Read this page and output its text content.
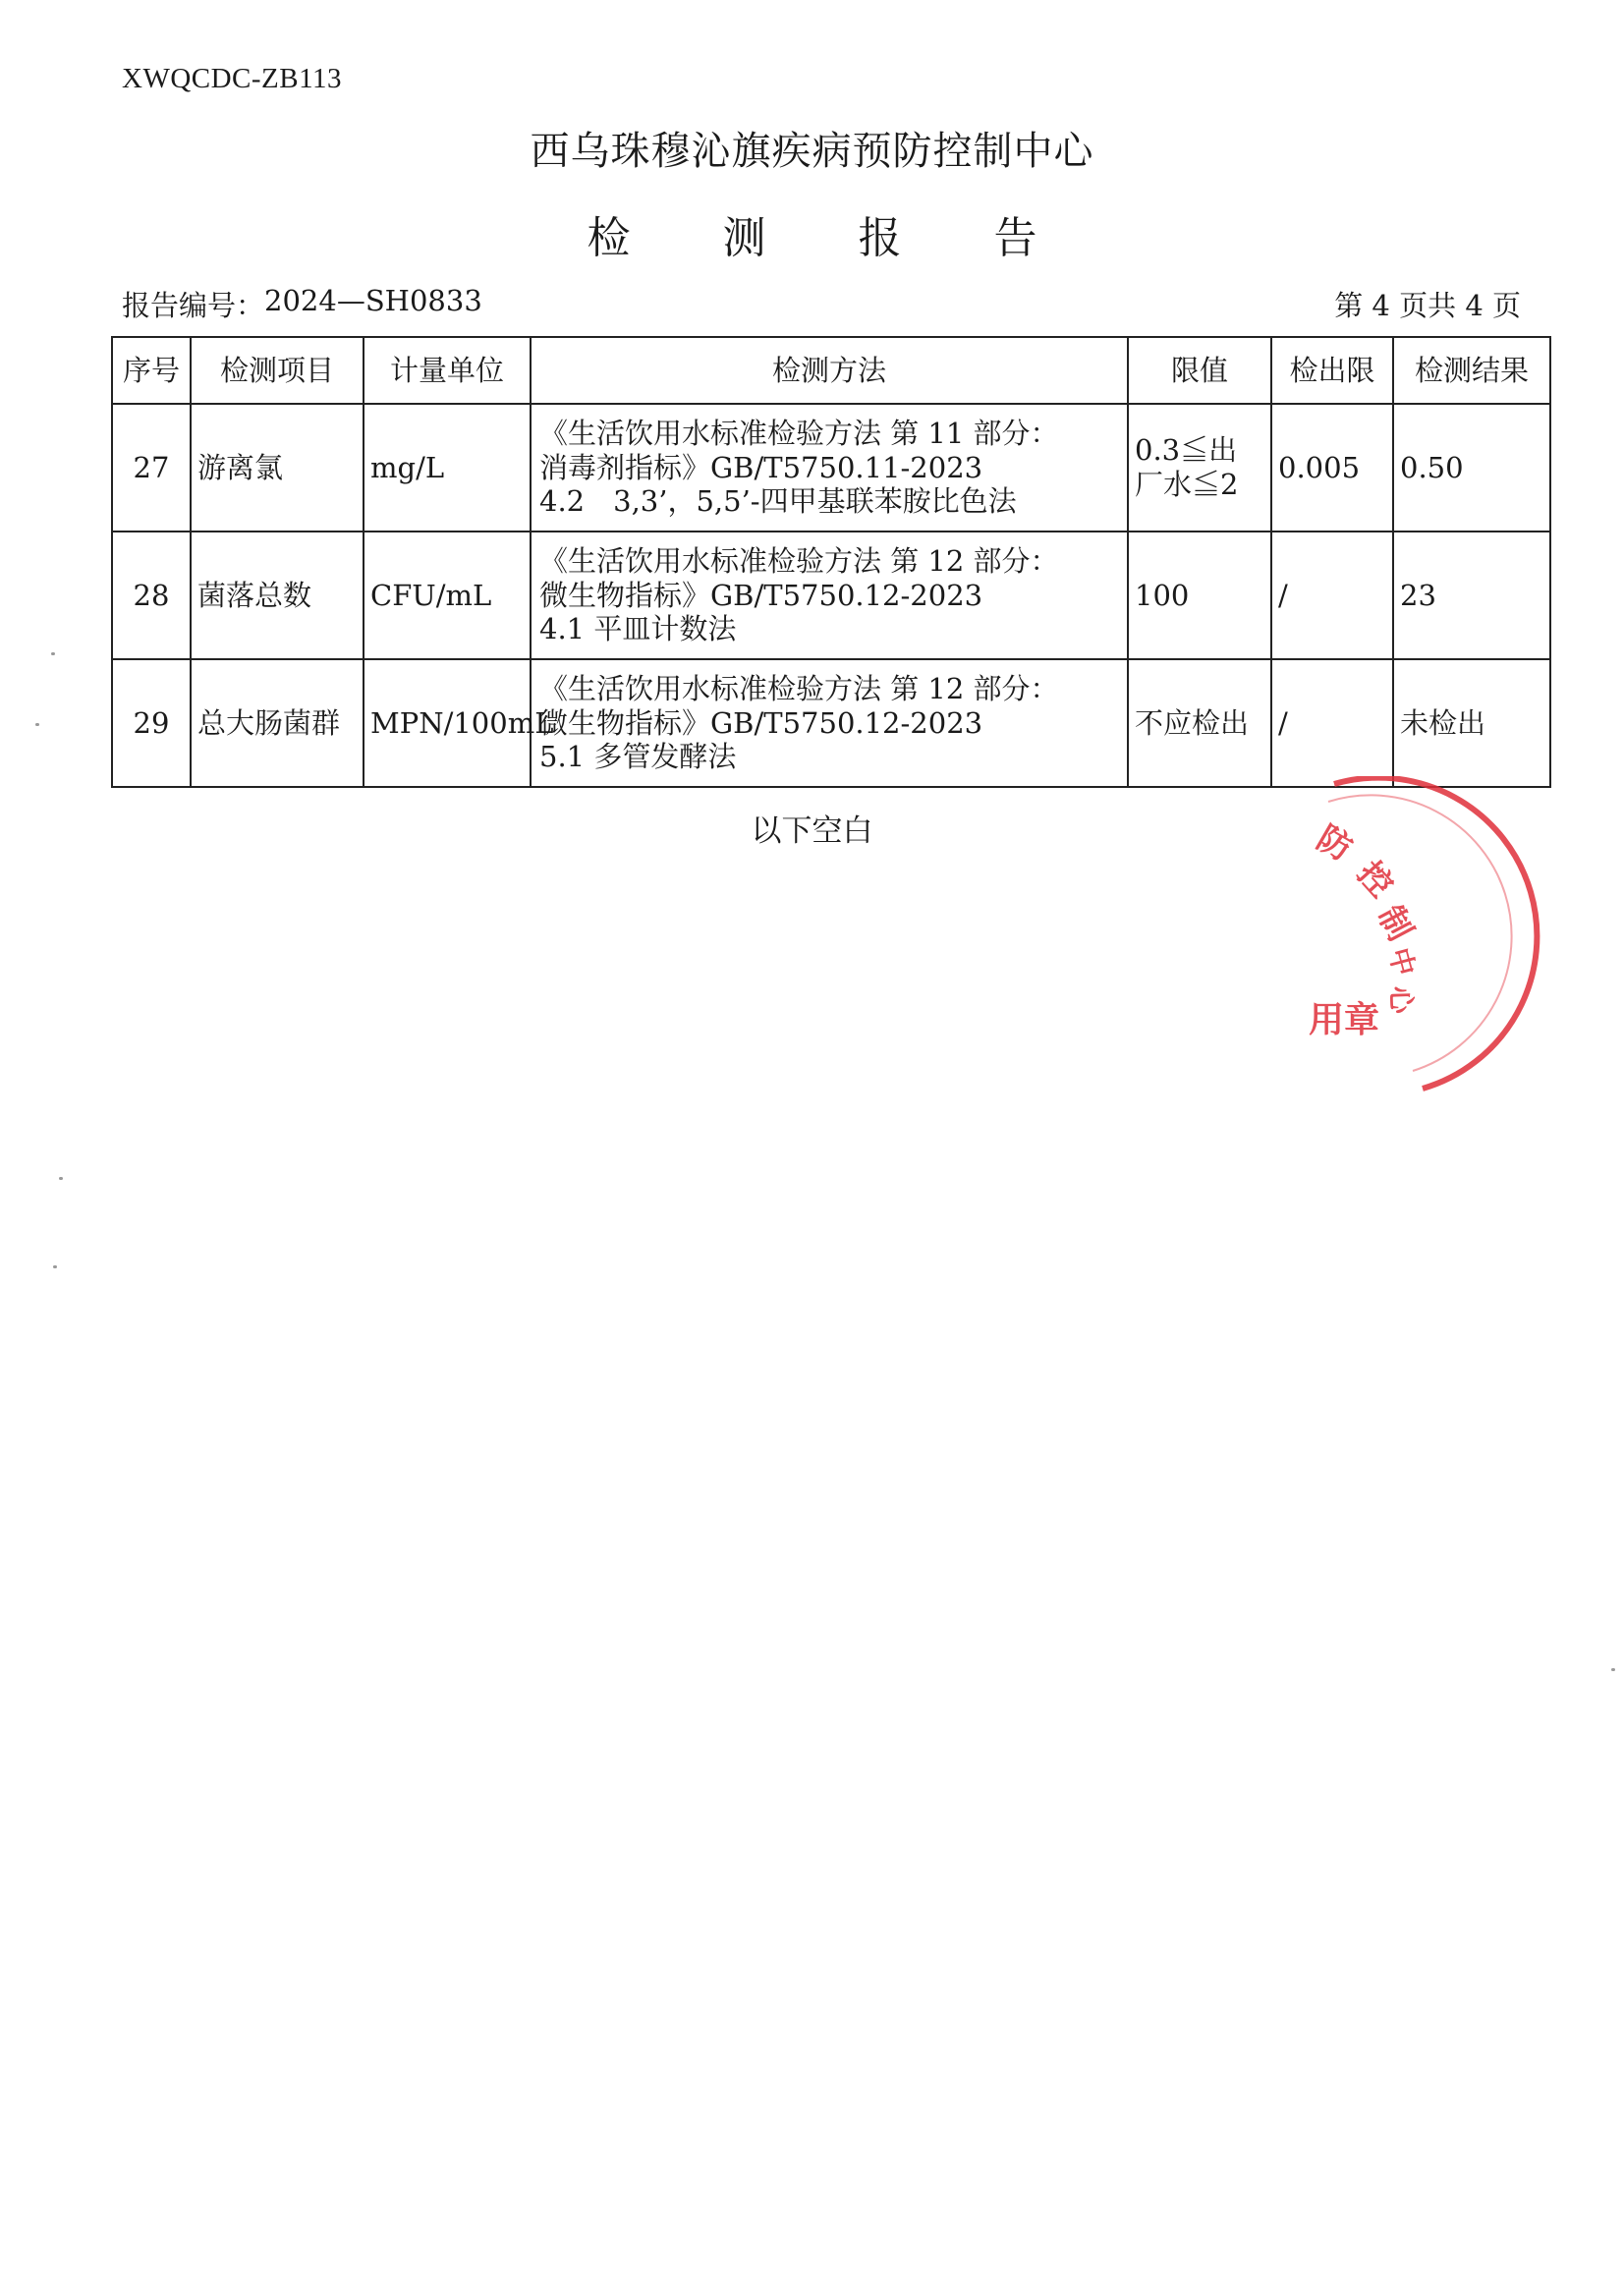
XWQCDC-ZB113
西乌珠穆沁旗疾病预防控制中心
检 测 报 告
报告编号： 2024—SH0833	第 4 页共 4 页
序号	检测项目	计量单位	检测方法	限值	检出限	检测结果
27	游离氯	mg/L	《生活饮用水标准检验方法 第 11 部分：
消毒剂指标》GB/T5750.11-2023
4.2　3,3’，5,5’-四甲基联苯胺比色法	0.3≦出厂水≦2	0.005	0.50
28	菌落总数	CFU/mL	《生活饮用水标准检验方法 第 12 部分：
微生物指标》GB/T5750.12-2023
4.1 平皿计数法	100	/	23
29	总大肠菌群	MPN/100mL	《生活饮用水标准检验方法 第 12 部分：
微生物指标》GB/T5750.12-2023
5.1 多管发酵法	不应检出	/	未检出
以下空白	防
控
制
中
心
用章
